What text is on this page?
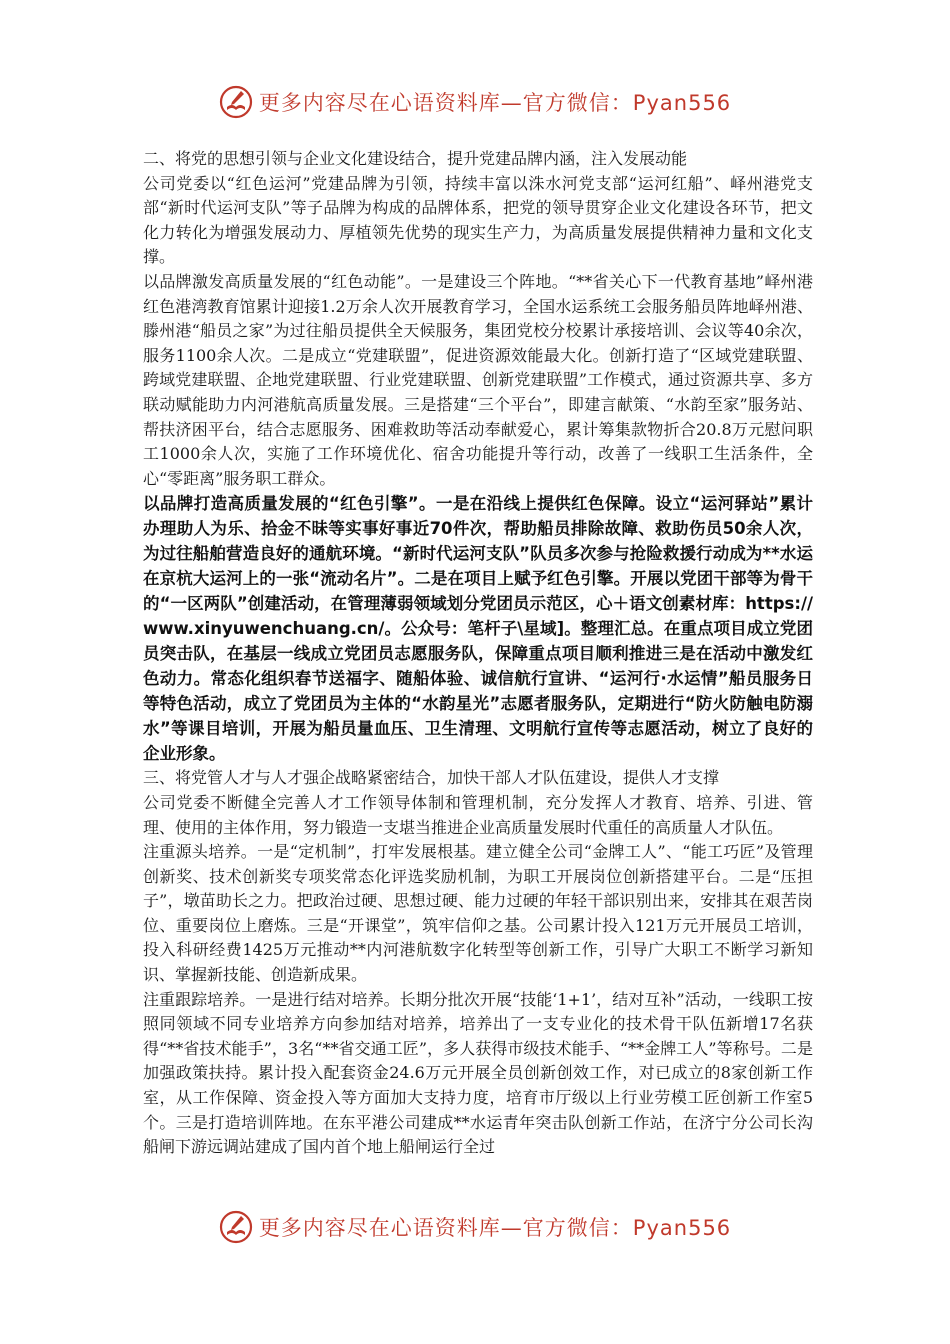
更多内容尽在心语资料库—官方微信：Pyan556

二、将党的思想引领与企业文化建设结合，提升党建品牌内涵，注入发展动能

公司党委以“红色运河”党建品牌为引领，持续丰富以洙水河党支部“运河红船”、峄州港党支部“新时代运河支队”等子品牌为构成的品牌体系，把党的领导贯穿企业文化建设各环节，把文化力转化为增强发展动力、厚植领先优势的现实生产力，为高质量发展提供精神力量和文化支撑。

以品牌激发高质量发展的“红色动能”。一是建设三个阵地。“**省关心下一代教育基地”峄州港红色港湾教育馆累计迎接1.2万余人次开展教育学习，全国水运系统工会服务船员阵地峄州港、滕州港“船员之家”为过往船员提供全天候服务，集团党校分校累计承接培训、会议等40余次，服务1100余人次。二是成立“党建联盟”，促进资源效能最大化。创新打造了“区域党建联盟、跨域党建联盟、企地党建联盟、行业党建联盟、创新党建联盟”工作模式，通过资源共享、多方联动赋能助力内河港航高质量发展。三是搭建“三个平台”，即建言献策、“水韵至家”服务站、帮扶济困平台，结合志愿服务、困难救助等活动奉献爱心，累计筹集款物折合20.8万元慰问职工1000余人次，实施了工作环境优化、宿舍功能提升等行动，改善了一线职工生活条件，全心“零距离”服务职工群众。

以品牌打造高质量发展的“红色引擎”。一是在沿线上提供红色保障。设立“运河驿站”累计办理助人为乐、拾金不昧等实事好事近70件次，帮助船员排除故障、救助伤员50余人次，为过往船舶营造良好的通航环境。“新时代运河支队”队员多次参与抢险救援行动成为**水运在京杭大运河上的一张“流动名片”。二是在项目上赋予红色引擎。开展以党团干部等为骨干的“一区两队”创建活动，在管理薄弱领域划分党团员示范区，心＋语文创素材库：https://www.xinyuwenchuang.cn/。公众号：笔杆子\星域]。整理汇总。在重点项目成立党团员突击队，在基层一线成立党团员志愿服务队，保障重点项目顺利推进三是在活动中激发红色动力。常态化组织春节送福字、随船体验、诚信航行宣讲、“运河行·水运情”船员服务日等特色活动，成立了党团员为主体的“水韵星光”志愿者服务队，定期进行“防火防触电防溺水”等课目培训，开展为船员量血压、卫生清理、文明航行宣传等志愿活动，树立了良好的企业形象。

三、将党管人才与人才强企战略紧密结合，加快干部人才队伍建设，提供人才支撑

公司党委不断健全完善人才工作领导体制和管理机制，充分发挥人才教育、培养、引进、管理、使用的主体作用，努力锻造一支堪当推进企业高质量发展时代重任的高质量人才队伍。

注重源头培养。一是“定机制”，打牢发展根基。建立健全公司“金牌工人”、“能工巧匠”及管理创新奖、技术创新奖专项奖常态化评选奖励机制，为职工开展岗位创新搭建平台。二是“压担子”，墩苗助长之力。把政治过硬、思想过硬、能力过硬的年轻干部识别出来，安排其在艰苦岗位、重要岗位上磨炼。三是“开课堂”，筑牢信仰之基。公司累计投入121万元开展员工培训，投入科研经费1425万元推动**内河港航数字化转型等创新工作，引导广大职工不断学习新知识、掌握新技能、创造新成果。

注重跟踪培养。一是进行结对培养。长期分批次开展“技能‘1+1’，结对互补”活动，一线职工按照同领域不同专业培养方向参加结对培养，培养出了一支专业化的技术骨干队伍新增17名获得“**省技术能手”，3名“**省交通工匠”，多人获得市级技术能手、“**金牌工人”等称号。二是加强政策扶持。累计投入配套资金24.6万元开展全员创新创效工作，对已成立的8家创新工作室，从工作保障、资金投入等方面加大支持力度，培育市厅级以上行业劳模工匠创新工作室5个。三是打造培训阵地。在东平港公司建成**水运青年突击队创新工作站，在济宁分公司长沟船闸下游远调站建成了国内首个地上船闸运行全过

更多内容尽在心语资料库—官方微信：Pyan556
